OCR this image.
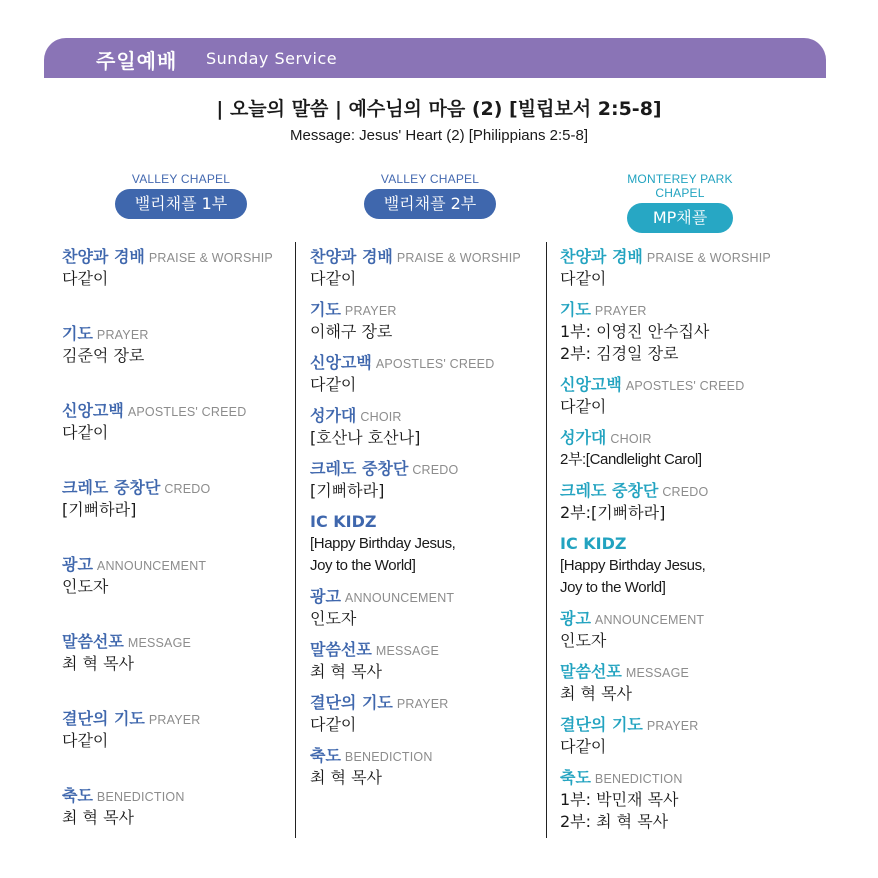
주일예배 Sunday Service
| 오늘의 말씀 | 예수님의 마음 (2) [빌립보서 2:5-8]
Message: Jesus' Heart (2) [Philippians 2:5-8]
VALLEY CHAPEL
밸리채플 1부
VALLEY CHAPEL
밸리채플 2부
MONTEREY PARK CHAPEL
MP채플
찬양과 경배 PRAISE & WORSHIP
다같이
기도 PRAYER
김준억 장로
신앙고백 APOSTLES' CREED
다같이
크레도 중창단 CREDO
[기뻐하라]
광고 ANNOUNCEMENT
인도자
말씀선포 MESSAGE
최 혁 목사
결단의 기도 PRAYER
다같이
축도 BENEDICTION
최 혁 목사
찬양과 경배 PRAISE & WORSHIP
다같이
기도 PRAYER
이해구 장로
신앙고백 APOSTLES' CREED
다같이
성가대 CHOIR
[호산나 호산나]
크레도 중창단 CREDO
[기뻐하라]
IC KIDZ
[Happy Birthday Jesus,
Joy to the World]
광고 ANNOUNCEMENT
인도자
말씀선포 MESSAGE
최 혁 목사
결단의 기도 PRAYER
다같이
축도 BENEDICTION
최 혁 목사
찬양과 경배 PRAISE & WORSHIP
다같이
기도 PRAYER
1부: 이영진 안수집사
2부: 김경일 장로
신앙고백 APOSTLES' CREED
다같이
성가대 CHOIR
2부:[Candlelight Carol]
크레도 중창단 CREDO
2부:[기뻐하라]
IC KIDZ
[Happy Birthday Jesus,
Joy to the World]
광고 ANNOUNCEMENT
인도자
말씀선포 MESSAGE
최 혁 목사
결단의 기도 PRAYER
다같이
축도 BENEDICTION
1부: 박민재 목사
2부: 최 혁 목사
